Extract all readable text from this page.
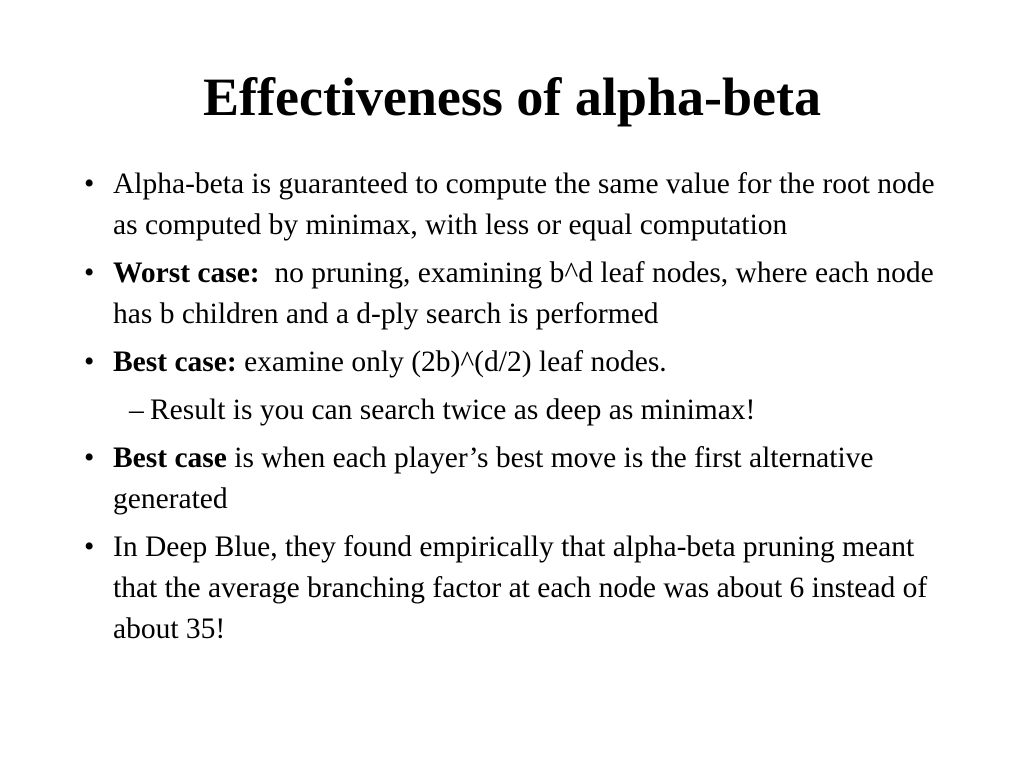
Effectiveness of alpha-beta
• Alpha-beta is guaranteed to compute the same value for the root node as computed by minimax, with less or equal computation
• Worst case:  no pruning, examining b^d leaf nodes, where each node has b children and a d-ply search is performed
• Best case: examine only (2b)^(d/2) leaf nodes.
– Result is you can search twice as deep as minimax!
• Best case is when each player’s best move is the first alternative generated
• In Deep Blue, they found empirically that alpha-beta pruning meant that the average branching factor at each node was about 6 instead of about 35!
